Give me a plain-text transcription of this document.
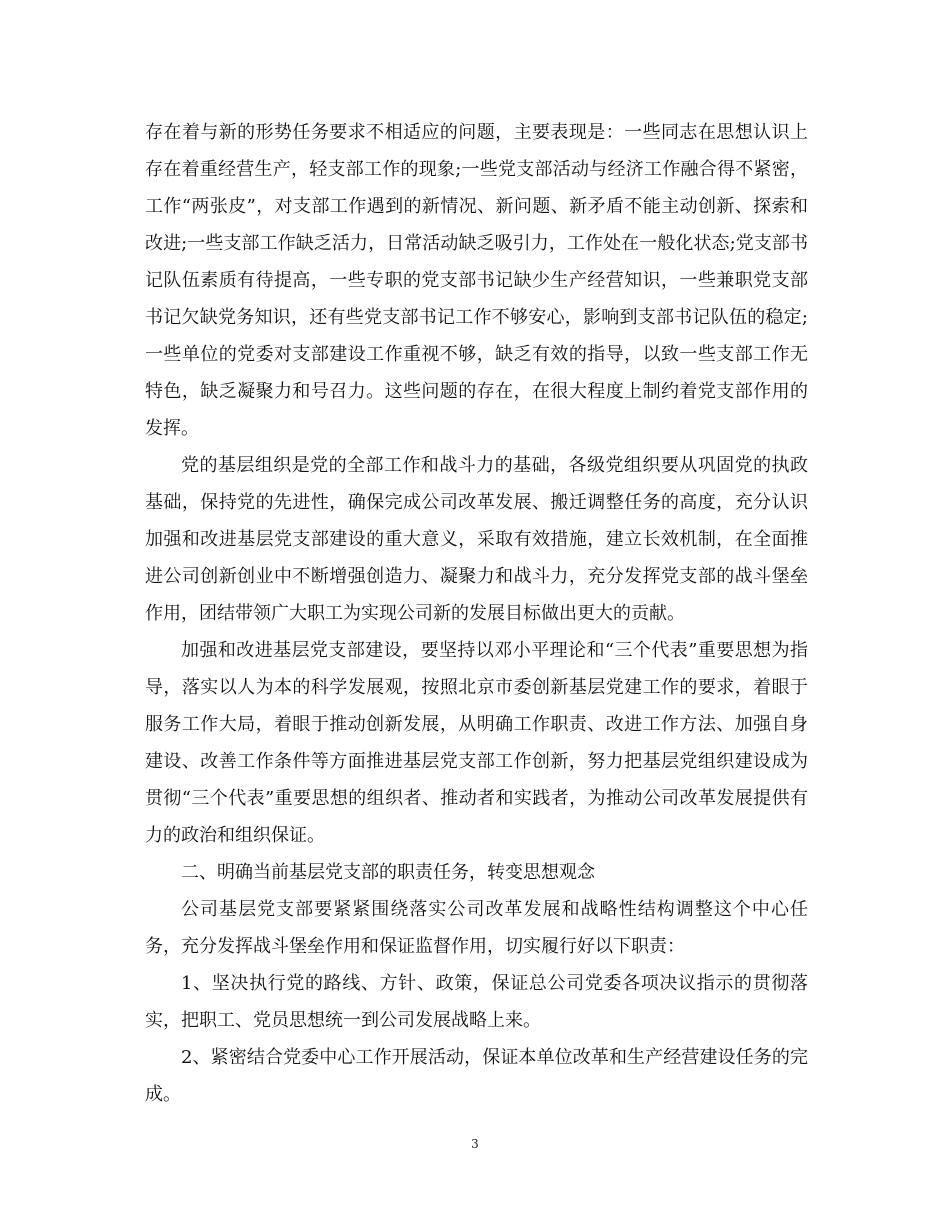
存在着与新的形势任务要求不相适应的问题，主要表现是：一些同志在思想认识上存在着重经营生产，轻支部工作的现象;一些党支部活动与经济工作融合得不紧密，工作“两张皮”，对支部工作遇到的新情况、新问题、新矛盾不能主动创新、探索和改进;一些支部工作缺乏活力，日常活动缺乏吸引力，工作处在一般化状态;党支部书记队伍素质有待提高，一些专职的党支部书记缺少生产经营知识，一些兼职党支部书记欠缺党务知识，还有些党支部书记工作不够安心，影响到支部书记队伍的稳定;一些单位的党委对支部建设工作重视不够，缺乏有效的指导，以致一些支部工作无特色，缺乏凝聚力和号召力。这些问题的存在，在很大程度上制约着党支部作用的发挥。

党的基层组织是党的全部工作和战斗力的基础，各级党组织要从巩固党的执政基础，保持党的先进性，确保完成公司改革发展、搬迁调整任务的高度，充分认识加强和改进基层党支部建设的重大意义，采取有效措施，建立长效机制，在全面推进公司创新创业中不断增强创造力、凝聚力和战斗力，充分发挥党支部的战斗堡垒作用，团结带领广大职工为实现公司新的发展目标做出更大的贡献。

加强和改进基层党支部建设，要坚持以邓小平理论和“三个代表”重要思想为指导，落实以人为本的科学发展观，按照北京市委创新基层党建工作的要求，着眼于服务工作大局，着眼于推动创新发展，从明确工作职责、改进工作方法、加强自身建设、改善工作条件等方面推进基层党支部工作创新，努力把基层党组织建设成为贯彻“三个代表”重要思想的组织者、推动者和实践者，为推动公司改革发展提供有力的政治和组织保证。

二、明确当前基层党支部的职责任务，转变思想观念

公司基层党支部要紧紧围绕落实公司改革发展和战略性结构调整这个中心任务，充分发挥战斗堡垒作用和保证监督作用，切实履行好以下职责：

1、坚决执行党的路线、方针、政策，保证总公司党委各项决议指示的贯彻落实，把职工、党员思想统一到公司发展战略上来。

2、紧密结合党委中心工作开展活动，保证本单位改革和生产经营建设任务的完成。

3
